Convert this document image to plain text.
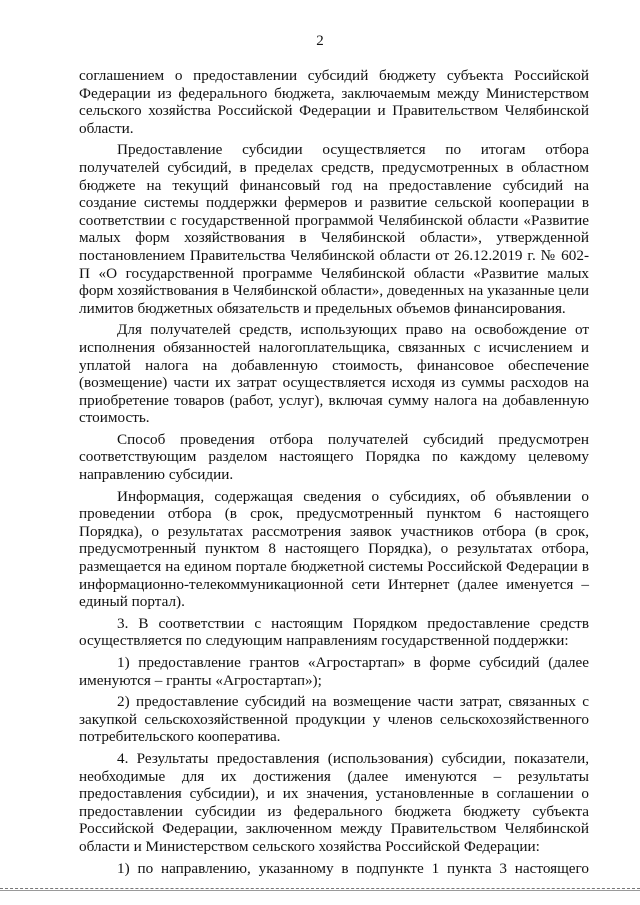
2

соглашением о предоставлении субсидий бюджету субъекта Российской Федерации из федерального бюджета, заключаемым между Министерством сельского хозяйства Российской Федерации и Правительством Челябинской области.

Предоставление субсидии осуществляется по итогам отбора получателей субсидий, в пределах средств, предусмотренных в областном бюджете на текущий финансовый год на предоставление субсидий на создание системы поддержки фермеров и развитие сельской кооперации в соответствии с государственной программой Челябинской области «Развитие малых форм хозяйствования в Челябинской области», утвержденной постановлением Правительства Челябинской области от 26.12.2019 г. № 602-П «О государственной программе Челябинской области «Развитие малых форм хозяйствования в Челябинской области», доведенных на указанные цели лимитов бюджетных обязательств и предельных объемов финансирования.

Для получателей средств, использующих право на освобождение от исполнения обязанностей налогоплательщика, связанных с исчислением и уплатой налога на добавленную стоимость, финансовое обеспечение (возмещение) части их затрат осуществляется исходя из суммы расходов на приобретение товаров (работ, услуг), включая сумму налога на добавленную стоимость.

Способ проведения отбора получателей субсидий предусмотрен соответствующим разделом настоящего Порядка по каждому целевому направлению субсидии.

Информация, содержащая сведения о субсидиях, об объявлении о проведении отбора (в срок, предусмотренный пунктом 6 настоящего Порядка), о результатах рассмотрения заявок участников отбора (в срок, предусмотренный пунктом 8 настоящего Порядка), о результатах отбора, размещается на едином портале бюджетной системы Российской Федерации в информационно-телекоммуникационной сети Интернет (далее именуется – единый портал).

3. В соответствии с настоящим Порядком предоставление средств осуществляется по следующим направлениям государственной поддержки:

1) предоставление грантов «Агростартап» в форме субсидий (далее именуются – гранты «Агростартап»);

2) предоставление субсидий на возмещение части затрат, связанных с закупкой сельскохозяйственной продукции у членов сельскохозяйственного потребительского кооператива.

4. Результаты предоставления (использования) субсидии, показатели, необходимые для их достижения (далее именуются – результаты предоставления субсидии), и их значения, установленные в соглашении о предоставлении субсидии из федерального бюджета бюджету субъекта Российской Федерации, заключенном между Правительством Челябинской области и Министерством сельского хозяйства Российской Федерации:

1) по направлению, указанному в подпункте 1 пункта 3 настоящего
